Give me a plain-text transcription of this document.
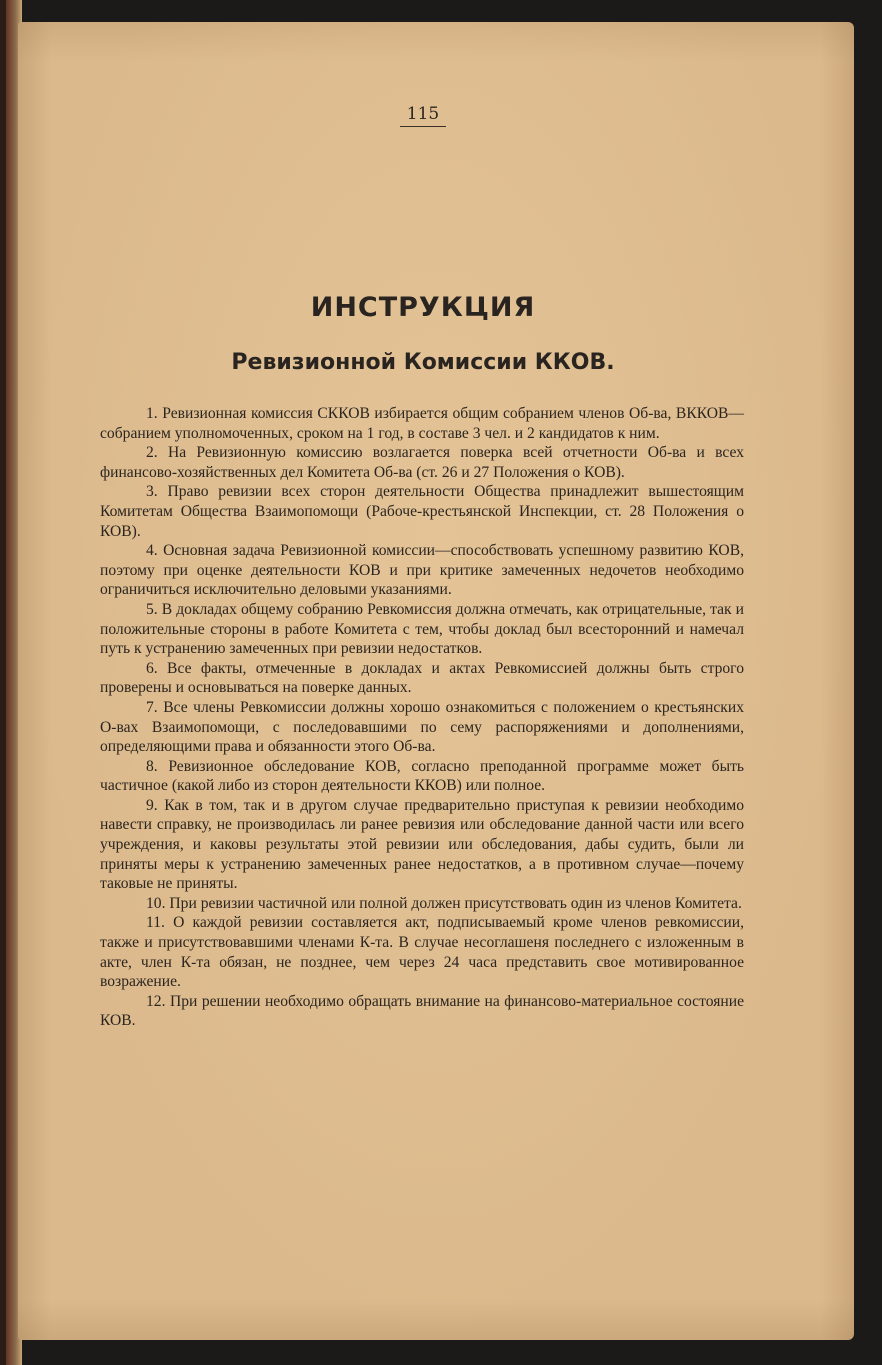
115
ИНСТРУКЦИЯ
Ревизионной Комиссии ККОВ.

1. Ревизионная комиссия СККОВ избирается общим собранием членов Об-ва, ВККОВ—собранием уполномоченных, сроком на 1 год, в составе 3 чел. и 2 кандидатов к ним.

2. На Ревизионную комиссию возлагается поверка всей отчетности Об-ва и всех финансово-хозяйственных дел Комитета Об-ва (ст. 26 и 27 Положения о КОВ).

3. Право ревизии всех сторон деятельности Общества принадлежит вышестоящим Комитетам Общества Взаимопомощи (Рабоче-крестьянской Инспекции, ст. 28 Положения о КОВ).

4. Основная задача Ревизионной комиссии—способствовать успешному развитию КОВ, поэтому при оценке деятельности КОВ и при критике замеченных недочетов необходимо ограничиться исключительно деловыми указаниями.

5. В докладах общему собранию Ревкомиссия должна отмечать, как отрицательные, так и положительные стороны в работе Комитета с тем, чтобы доклад был всесторонний и намечал путь к устранению замеченных при ревизии недостатков.

6. Все факты, отмеченные в докладах и актах Ревкомиссией должны быть строго проверены и основываться на поверке данных.

7. Все члены Ревкомиссии должны хорошо ознакомиться с положением о крестьянских О-вах Взаимопомощи, с последовавшими по сему распоряжениями и дополнениями, определяющими права и обязанности этого Об-ва.

8. Ревизионное обследование КОВ, согласно преподанной программе может быть частичное (какой либо из сторон деятельности ККОВ) или полное.

9. Как в том, так и в другом случае предварительно приступая к ревизии необходимо навести справку, не производилась ли ранее ревизия или обследование данной части или всего учреждения, и каковы результаты этой ревизии или обследования, дабы судить, были ли приняты меры к устранению замеченных ранее недостатков, а в противном случае—почему таковые не приняты.

10. При ревизии частичной или полной должен присутствовать один из членов Комитета.

11. О каждой ревизии составляется акт, подписываемый кроме членов ревкомиссии, также и присутствовавшими членами К-та. В случае несоглашеня последнего с изложенным в акте, член К-та обязан, не позднее, чем через 24 часа представить свое мотивированное возражение.

12. При решении необходимо обращать внимание на финансово-материальное состояние КОВ.
